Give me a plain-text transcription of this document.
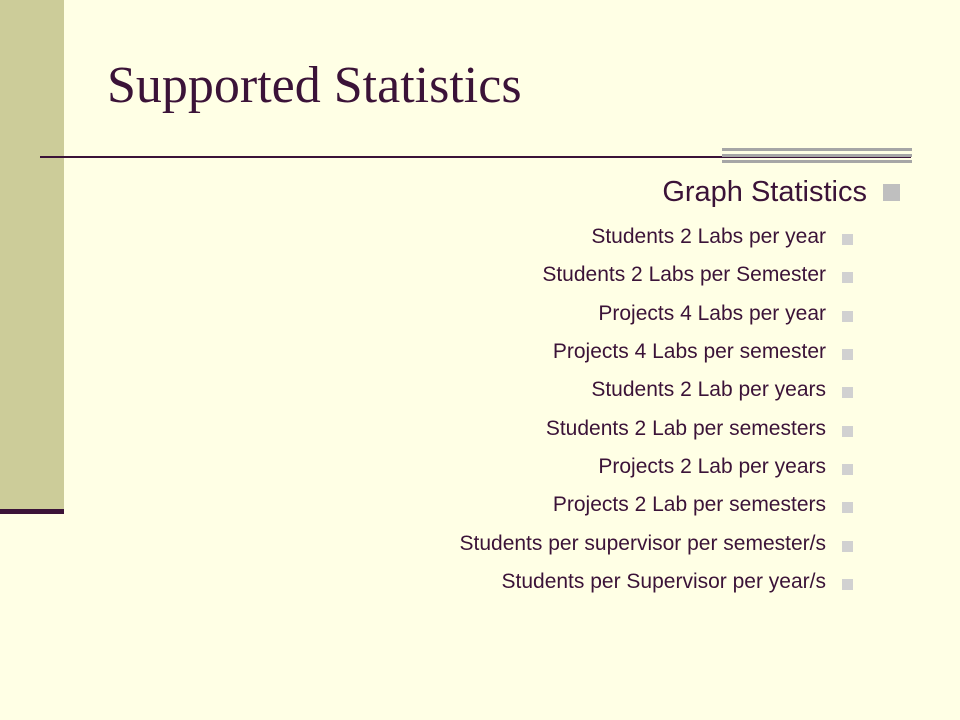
Supported Statistics
Graph Statistics
Students 2 Labs per year
Students 2 Labs per Semester
Projects 4 Labs per year
Projects 4 Labs per semester
Students 2 Lab per years
Students 2 Lab per semesters
Projects 2 Lab per years
Projects 2 Lab per semesters
Students per supervisor per semester/s
Students per Supervisor per year/s
